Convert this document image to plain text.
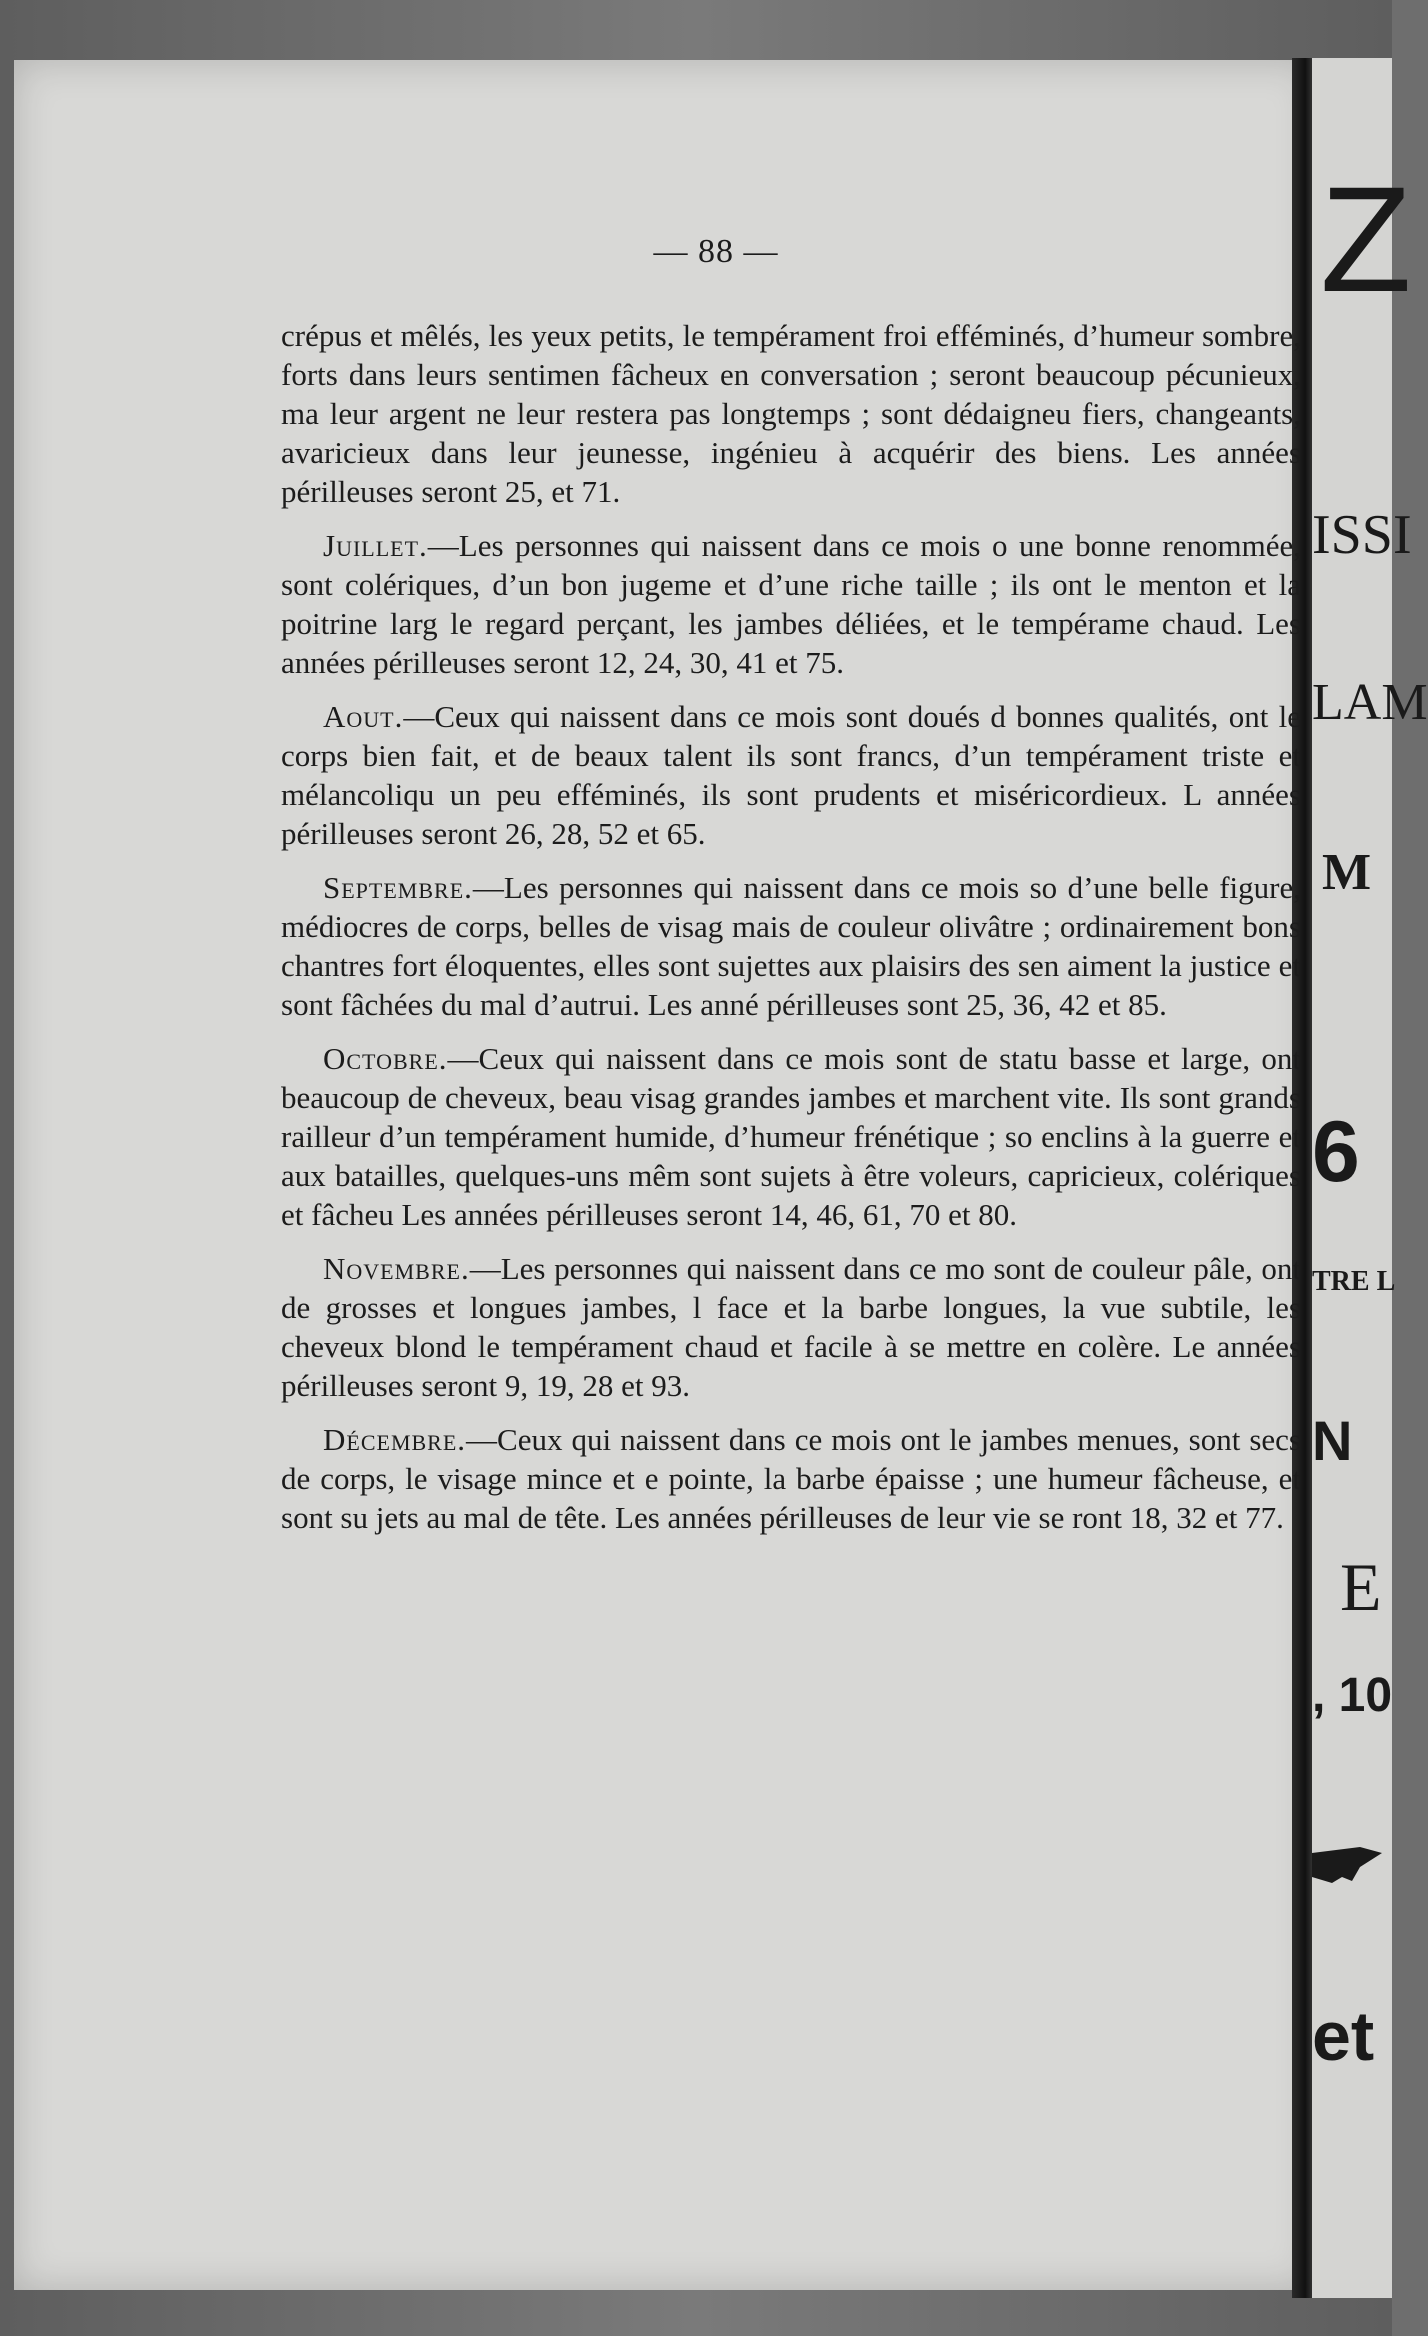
Z
ISSI
LAM
M
6
TRE L
N
E
, 10
et
— 88 —

crépus et mêlés, les yeux petits, le tempérament froi efféminés, d’humeur sombre, forts dans leurs sentimen fâcheux en conversation ; seront beaucoup pécunieux, ma leur argent ne leur restera pas longtemps ; sont dédaigneu fiers, changeants, avaricieux dans leur jeunesse, ingénieu à acquérir des biens. Les années périlleuses seront 25, et 71.

Juillet.—Les personnes qui naissent dans ce mois o une bonne renommée, sont colériques, d’un bon jugeme et d’une riche taille ; ils ont le menton et la poitrine larg le regard perçant, les jambes déliées, et le tempérame chaud. Les années périlleuses seront 12, 24, 30, 41 et 75.

Aout.—Ceux qui naissent dans ce mois sont doués d bonnes qualités, ont le corps bien fait, et de beaux talent ils sont francs, d’un tempérament triste et mélancoliqu un peu efféminés, ils sont prudents et miséricordieux. L années périlleuses seront 26, 28, 52 et 65.

Septembre.—Les personnes qui naissent dans ce mois so d’une belle figure, médiocres de corps, belles de visag mais de couleur olivâtre ; ordinairement bons chantres fort éloquentes, elles sont sujettes aux plaisirs des sen aiment la justice et sont fâchées du mal d’autrui. Les anné périlleuses sont 25, 36, 42 et 85.

Octobre.—Ceux qui naissent dans ce mois sont de statu basse et large, ont beaucoup de cheveux, beau visag grandes jambes et marchent vite. Ils sont grands railleur d’un tempérament humide, d’humeur frénétique ; so enclins à la guerre et aux batailles, quelques-uns mêm sont sujets à être voleurs, capricieux, colériques et fâcheu Les années périlleuses seront 14, 46, 61, 70 et 80.

Novembre.—Les personnes qui naissent dans ce mo sont de couleur pâle, ont de grosses et longues jambes, l face et la barbe longues, la vue subtile, les cheveux blond le tempérament chaud et facile à se mettre en colère. Le années périlleuses seront 9, 19, 28 et 93.

Décembre.—Ceux qui naissent dans ce mois ont le jambes menues, sont secs de corps, le visage mince et e pointe, la barbe épaisse ; une humeur fâcheuse, et sont su jets au mal de tête. Les années périlleuses de leur vie se ront 18, 32 et 77.
